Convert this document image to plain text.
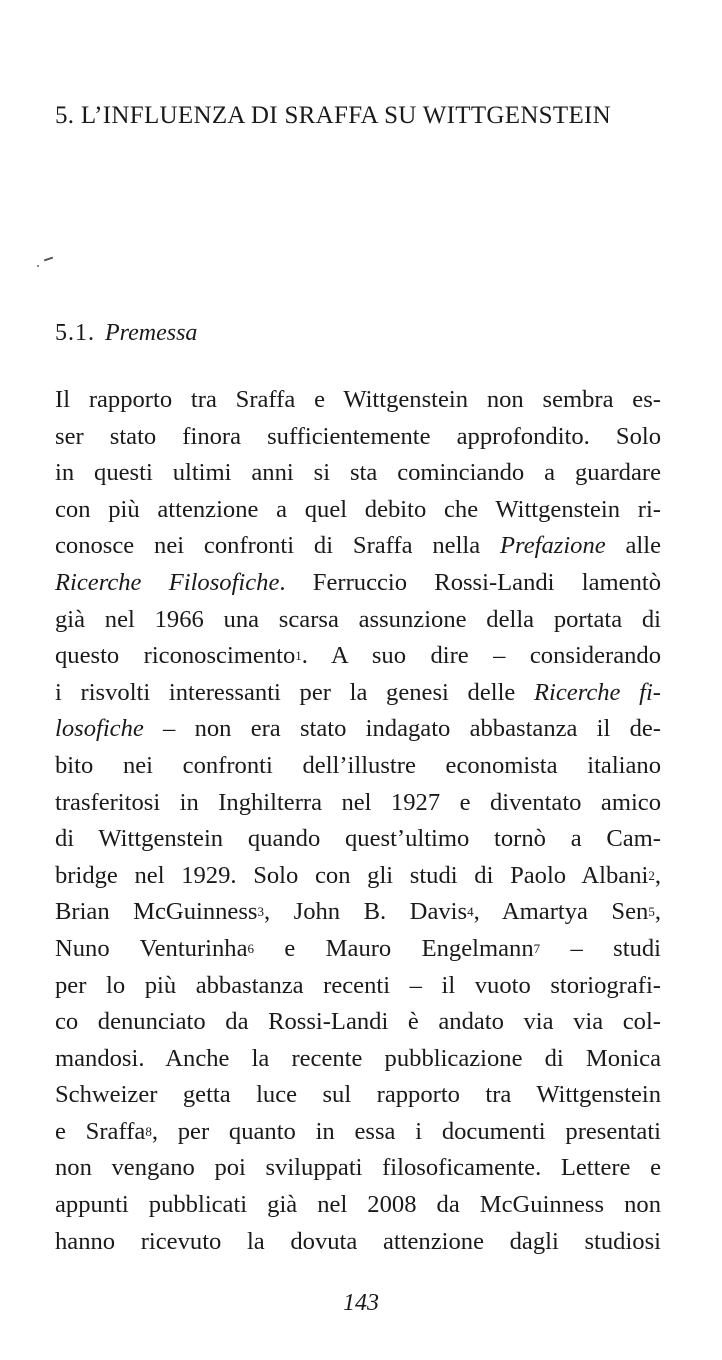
5. L’INFLUENZA DI SRAFFA SU WITTGENSTEIN
5.1. Premessa
Il rapporto tra Sraffa e Wittgenstein non sembra es-
ser stato finora sufficientemente approfondito. Solo
in questi ultimi anni si sta cominciando a guardare
con più attenzione a quel debito che Wittgenstein ri-
conosce nei confronti di Sraffa nella Prefazione alle
Ricerche Filosofiche. Ferruccio Rossi-Landi lamentò
già nel 1966 una scarsa assunzione della portata di
questo riconoscimento$^1$. A suo dire – considerando
i risvolti interessanti per la genesi delle Ricerche fi-
losofiche – non era stato indagato abbastanza il de-
bito nei confronti dell’illustre economista italiano
trasferitosi in Inghilterra nel 1927 e diventato amico
di Wittgenstein quando quest’ultimo tornò a Cam-
bridge nel 1929. Solo con gli studi di Paolo Albani$^2$,
Brian McGuinness$^3$, John B. Davis$^4$, Amartya Sen$^5$,
Nuno Venturinha$^6$ e Mauro Engelmann$^7$ – studi
per lo più abbastanza recenti – il vuoto storiografi-
co denunciato da Rossi-Landi è andato via via col-
mandosi. Anche la recente pubblicazione di Monica
Schweizer getta luce sul rapporto tra Wittgenstein
e Sraffa$^8$, per quanto in essa i documenti presentati
non vengano poi sviluppati filosoficamente. Lettere e
appunti pubblicati già nel 2008 da McGuinness non
hanno ricevuto la dovuta attenzione dagli studiosi
143
